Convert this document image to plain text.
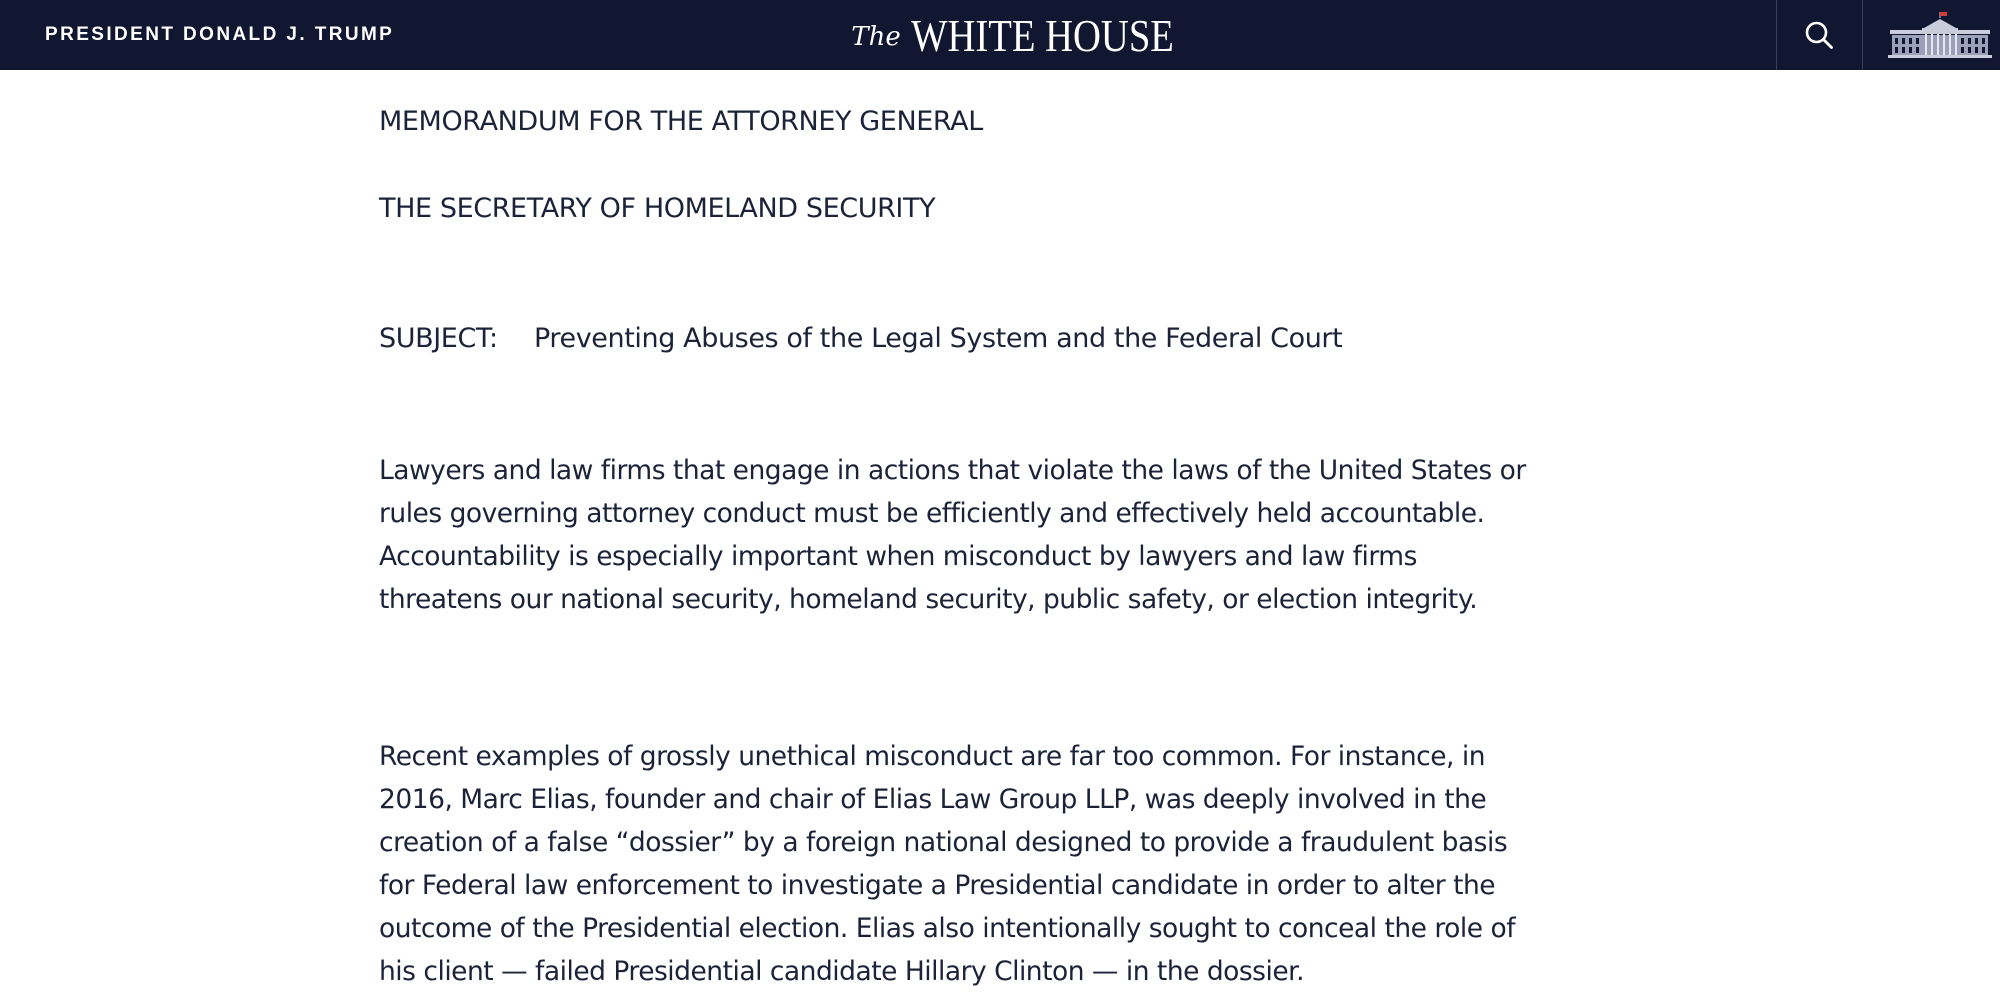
PRESIDENT DONALD J. TRUMP	The WHITE HOUSE
MEMORANDUM FOR THE ATTORNEY GENERAL
THE SECRETARY OF HOMELAND SECURITY
SUBJECT: Preventing Abuses of the Legal System and the Federal Court

Lawyers and law firms that engage in actions that violate the laws of the United States or rules governing attorney conduct must be efficiently and effectively held accountable. Accountability is especially important when misconduct by lawyers and law firms threatens our national security, homeland security, public safety, or election integrity.

Recent examples of grossly unethical misconduct are far too common. For instance, in 2016, Marc Elias, founder and chair of Elias Law Group LLP, was deeply involved in the creation of a false “dossier” by a foreign national designed to provide a fraudulent basis for Federal law enforcement to investigate a Presidential candidate in order to alter the outcome of the Presidential election. Elias also intentionally sought to conceal the role of his client — failed Presidential candidate Hillary Clinton — in the dossier.
